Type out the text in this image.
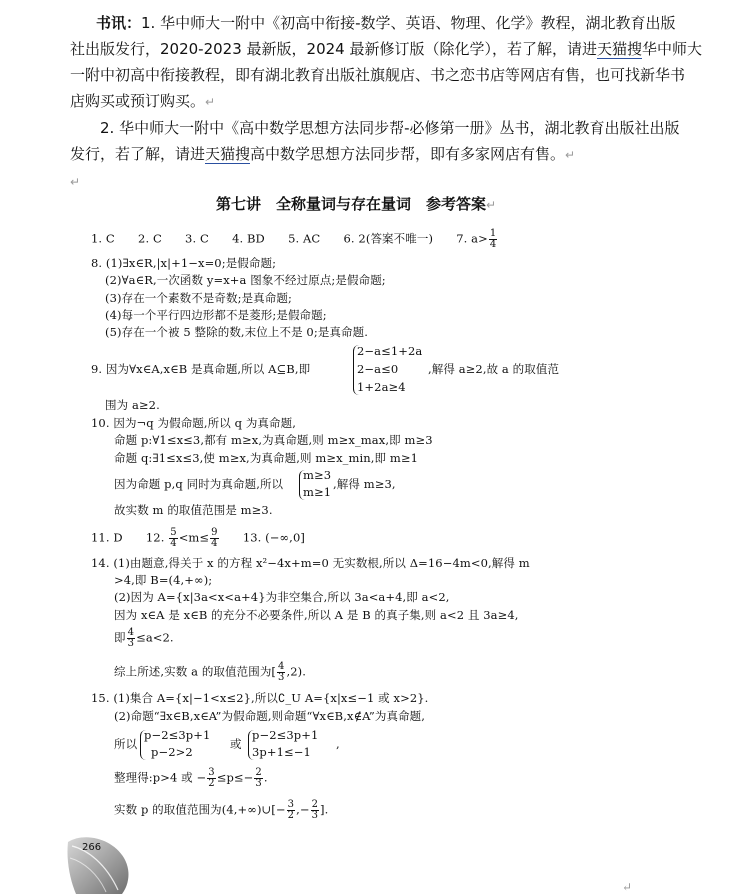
书讯：1. 华中师大一附中《初高中衔接-数学、英语、物理、化学》教程，湖北教育出版
社出版发行，2020-2023 最新版，2024 最新修订版（除化学），若了解，请进天猫搜华中师大
一附中初高中衔接教程，即有湖北教育出版社旗舰店、书之恋书店等网店有售，也可找新华书
店购买或预订购买。↵
2. 华中师大一附中《高中数学思想方法同步帮-必修第一册》丛书，湖北教育出版社出版
发行，若了解，请进天猫搜高中数学思想方法同步帮，即有多家网店有售。↵
↵
第七讲　全称量词与存在量词　参考答案↵
1. C　　2. C　　3. C　　4. BD　　5. AC　　6. 2(答案不唯一)　　7. $a> \frac{1}{4}$
8. (1)∃x∈R,|x|+1−x=0;是假命题;
(2)∀a∈R,一次函数 y=x+a 图象不经过原点;是假命题;
(3)存在一个素数不是奇数;是真命题;
(4)每一个平行四边形都不是菱形;是假命题;
(5)存在一个被 5 整除的数,末位上不是 0;是真命题.
9. 因为∀x∈A,x∈B 是真命题,所以 A⊆B,即
2−a≤1+2a
2−a≤0
1+2a≥4
,解得 a≥2,故 a 的取值范
围为 a≥2.
10. 因为¬q 为假命题,所以 q 为真命题,
命题 p:∀1≤x≤3,都有 m≥x,为真命题,则 m≥x_max,即 m≥3
命题 q:∃1≤x≤3,使 m≥x,为真命题,则 m≥x_min,即 m≥1
因为命题 p,q 同时为真命题,所以
m≥3
m≥1
,解得 m≥3,
故实数 m 的取值范围是 m≥3.
11. D　　12. $\frac{5}{4} <m\le \frac{9}{4}$ 　　13. (−∞,0]
14. (1)由题意,得关于 x 的方程 x²−4x+m=0 无实数根,所以 Δ=16−4m<0,解得 m
>4,即 B=(4,+∞);
(2)因为 A={x|3a<x<a+4}为非空集合,所以 3a<a+4,即 a<2,
因为 x∈A 是 x∈B 的充分不必要条件,所以 A 是 B 的真子集,则 a<2 且 3a≥4,
即 $\frac{4}{3} \le a<2$.
综上所述,实数 a 的取值范围为[ $\frac{4}{3} ,2$).
15. (1)集合 A={x|−1<x≤2},所以∁_U A={x|x≤−1 或 x>2}.
(2)命题“∃x∈B,x∈A”为假命题,则命题“∀x∈B,x∉A”为真命题,
所以
p−2≤3p+1
p−2>2
或
p−2≤3p+1
3p+1≤−1
,
整理得:p>4 或 − $\frac{3}{2} \le p\le- \frac{2}{3}$ .
实数 p 的取值范围为(4,+∞)∪[− $\frac{3}{2}$ ,− $\frac{2}{3}$ ].
266
↵
